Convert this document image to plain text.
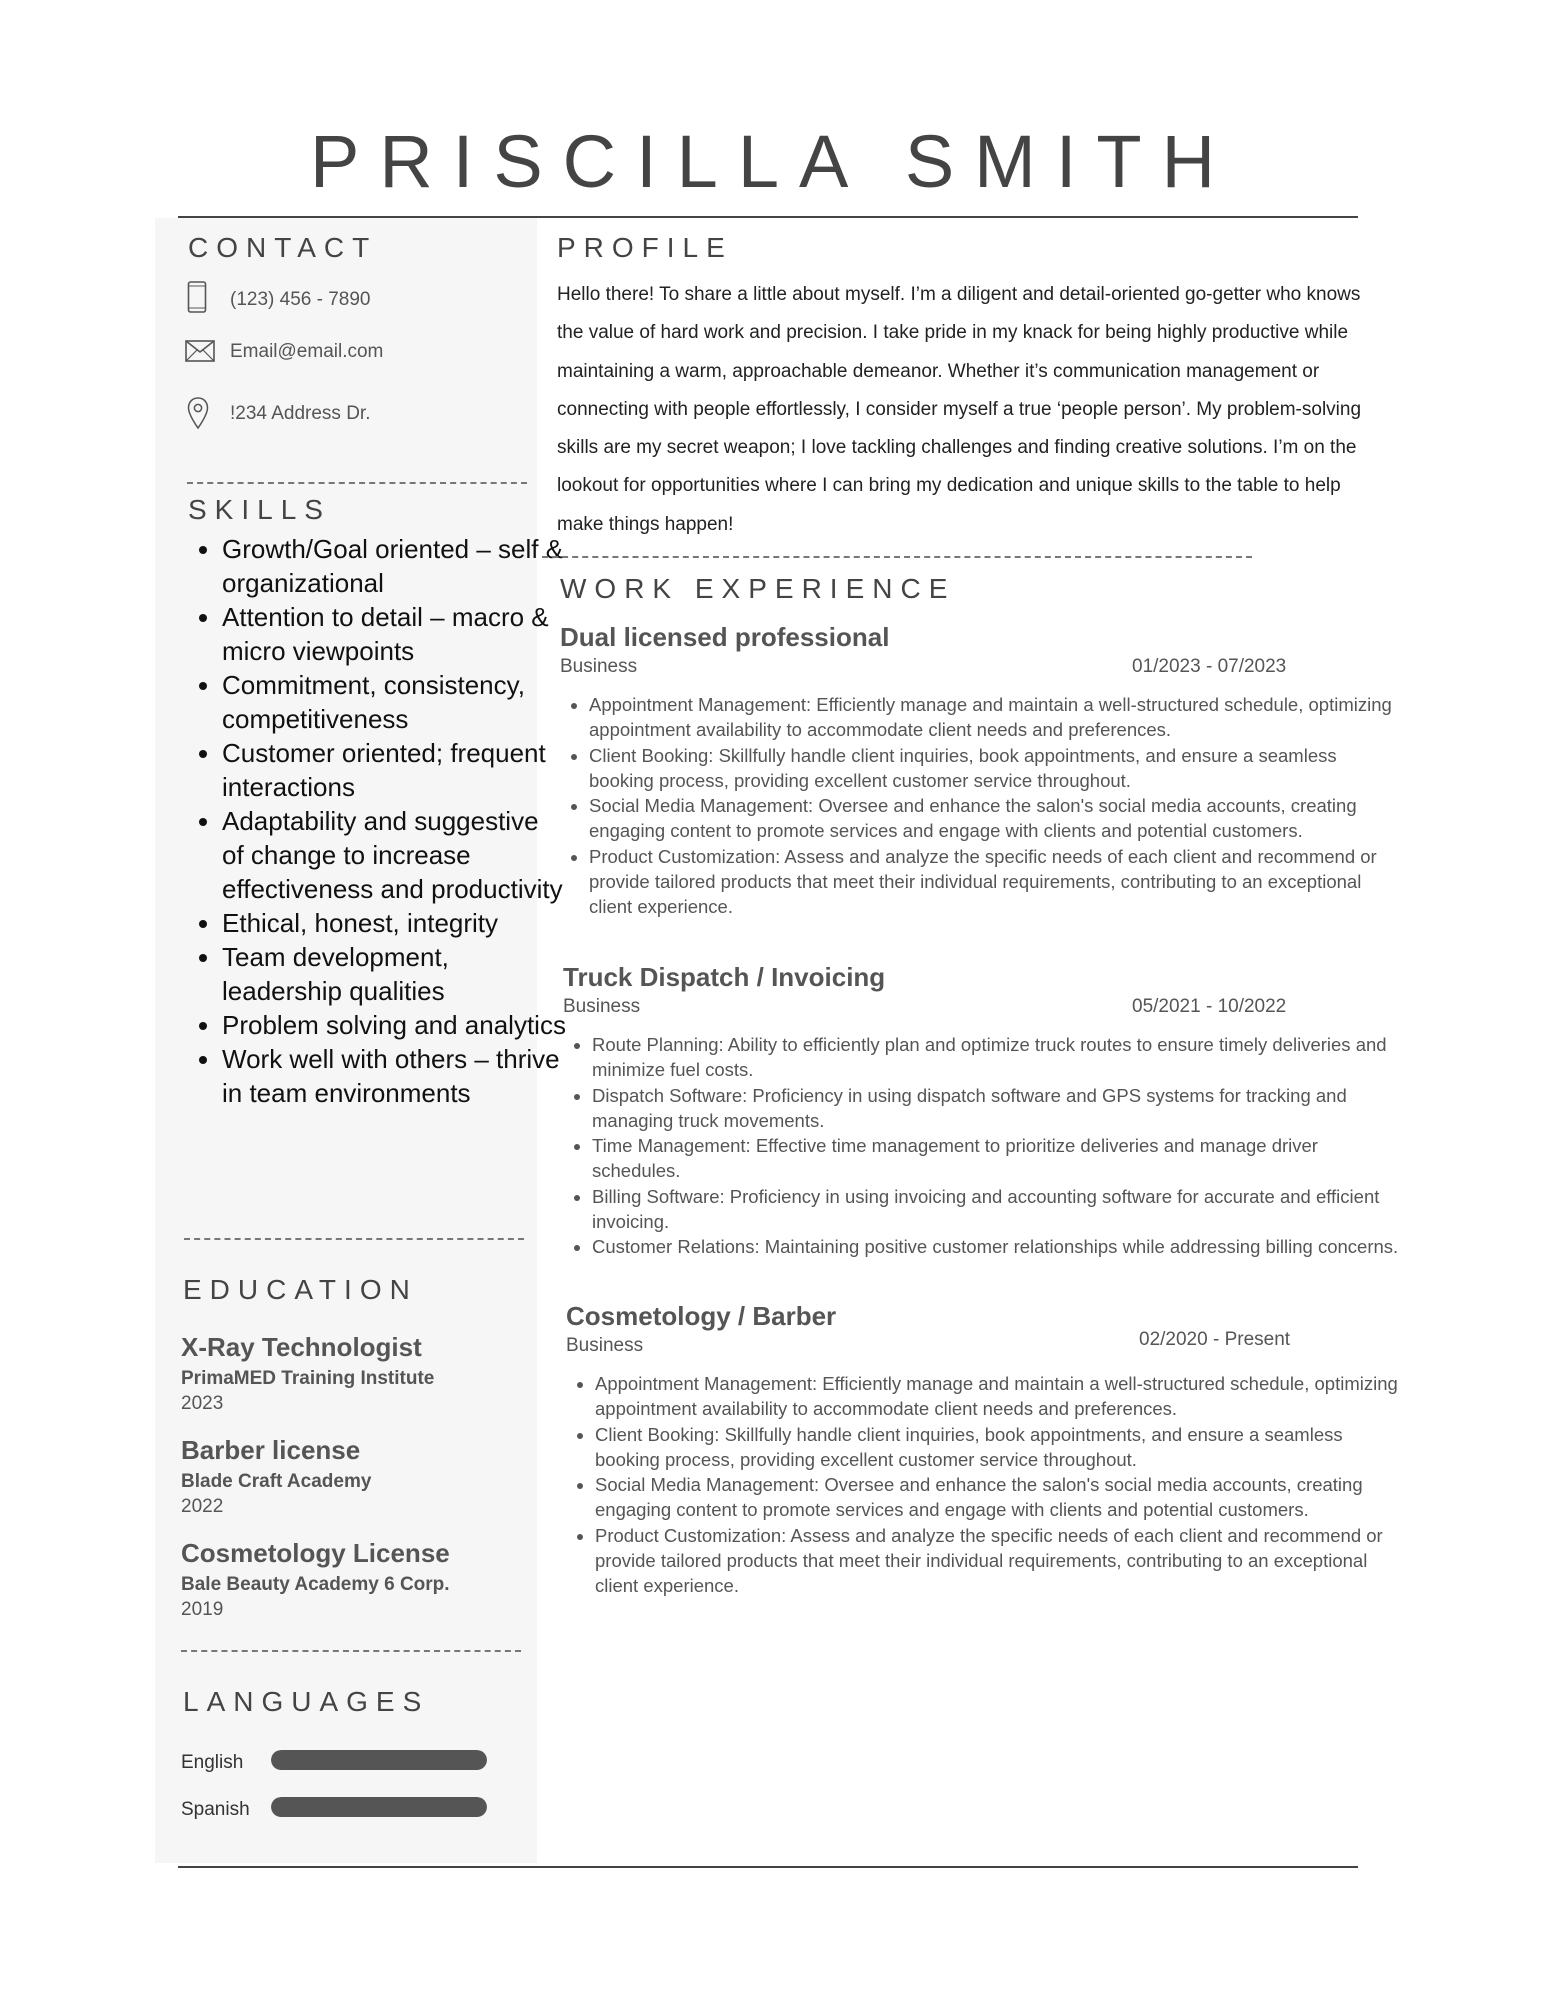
PRISCILLA SMITH
CONTACT
(123) 456 - 7890
Email@email.com
!234 Address Dr.
SKILLS
• Growth/Goal oriented – self & organizational
• Attention to detail – macro & micro viewpoints
• Commitment, consistency, competitiveness
• Customer oriented; frequent interactions
• Adaptability and suggestive of change to increase effectiveness and productivity
• Ethical, honest, integrity
• Team development, leadership qualities
• Problem solving and analytics
• Work well with others – thrive in team environments
EDUCATION
X-Ray Technologist
PrimaMED Training Institute
2023
Barber license
Blade Craft Academy
2022
Cosmetology License
Bale Beauty Academy 6 Corp.
2019
LANGUAGES
English
Spanish
PROFILE

Hello there! To share a little about myself. I’m a diligent and detail-oriented go-getter who knows the value of hard work and precision. I take pride in my knack for being highly productive while maintaining a warm, approachable demeanor. Whether it’s communication management or connecting with people effortlessly, I consider myself a true ‘people person’. My problem-solving skills are my secret weapon; I love tackling challenges and finding creative solutions. I’m on the lookout for opportunities where I can bring my dedication and unique skills to the table to help make things happen!

WORK EXPERIENCE
Dual licensed professional
Business	01/2023 - 07/2023
• Appointment Management: Efficiently manage and maintain a well-structured schedule, optimizing appointment availability to accommodate client needs and preferences.
• Client Booking: Skillfully handle client inquiries, book appointments, and ensure a seamless booking process, providing excellent customer service throughout.
• Social Media Management: Oversee and enhance the salon's social media accounts, creating engaging content to promote services and engage with clients and potential customers.
• Product Customization: Assess and analyze the specific needs of each client and recommend or provide tailored products that meet their individual requirements, contributing to an exceptional client experience.
Truck Dispatch / Invoicing
Business	05/2021 - 10/2022
• Route Planning: Ability to efficiently plan and optimize truck routes to ensure timely deliveries and minimize fuel costs.
• Dispatch Software: Proficiency in using dispatch software and GPS systems for tracking and managing truck movements.
• Time Management: Effective time management to prioritize deliveries and manage driver schedules.
• Billing Software: Proficiency in using invoicing and accounting software for accurate and efficient invoicing.
• Customer Relations: Maintaining positive customer relationships while addressing billing concerns.
Cosmetology / Barber
Business	02/2020 - Present
• Appointment Management: Efficiently manage and maintain a well-structured schedule, optimizing appointment availability to accommodate client needs and preferences.
• Client Booking: Skillfully handle client inquiries, book appointments, and ensure a seamless booking process, providing excellent customer service throughout.
• Social Media Management: Oversee and enhance the salon's social media accounts, creating engaging content to promote services and engage with clients and potential customers.
• Product Customization: Assess and analyze the specific needs of each client and recommend or provide tailored products that meet their individual requirements, contributing to an exceptional client experience.
